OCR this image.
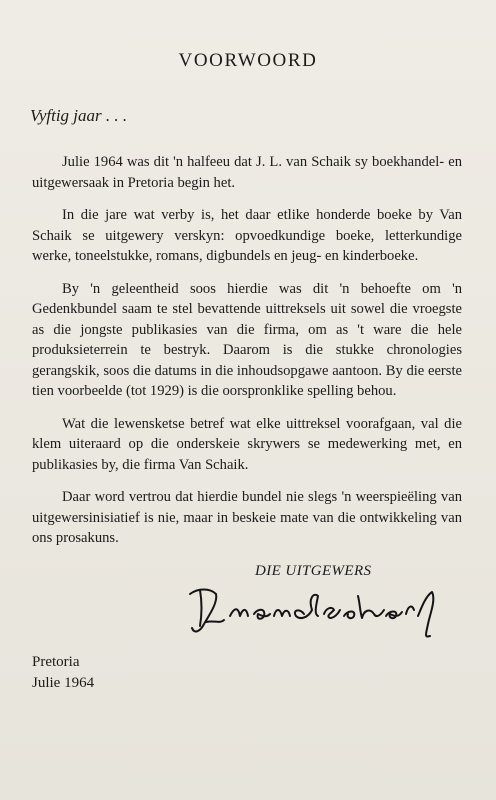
VOORWOORD

Vyftig jaar . . .

Julie 1964 was dit 'n halfeeu dat J. L. van Schaik sy boekhandel- en uitgewersaak in Pretoria begin het.

In die jare wat verby is, het daar etlike honderde boeke by Van Schaik se uitgewery verskyn: opvoedkundige boeke, letterkundige werke, toneelstukke, romans, digbundels en jeug- en kinderboeke.

By 'n geleentheid soos hierdie was dit 'n behoefte om 'n Gedenkbundel saam te stel bevattende uittreksels uit sowel die vroegste as die jongste publikasies van die firma, om as 't ware die hele produksieterrein te bestryk. Daarom is die stukke chronologies gerangskik, soos die datums in die inhoudsopgawe aantoon. By die eerste tien voorbeelde (tot 1929) is die oorspronklike spelling behou.

Wat die lewensketse betref wat elke uittreksel voorafgaan, val die klem uiteraard op die onderskeie skrywers se medewerking met, en publikasies by, die firma Van Schaik.

Daar word vertrou dat hierdie bundel nie slegs 'n weerspieëling van uitgewersinisiatief is nie, maar in beskeie mate van die ontwikkeling van ons prosakuns.

DIE UITGEWERS

Pretoria
Julie 1964
